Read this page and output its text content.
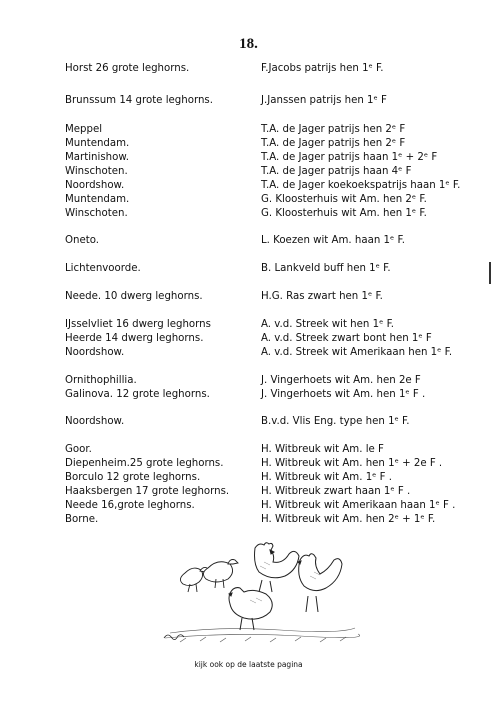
18.
Horst 26 grote leghorns.	F.Jacobs patrijs hen 1ᵉ F.
Brunssum 14 grote leghorns.	J.Janssen patrijs hen 1ᵉ F
Meppel	T.A. de Jager patrijs hen 2ᵉ F
Muntendam.	T.A. de Jager patrijs hen 2ᵉ F
Martinishow.	T.A. de Jager patrijs haan 1ᵉ + 2ᵉ F
Winschoten.	T.A. de Jager patrijs haan 4ᵉ F
Noordshow.	T.A. de Jager koekoekspatrijs haan 1ᵉ F.
Muntendam.	G. Kloosterhuis wit Am. hen 2ᵉ F.
Winschoten.	G. Kloosterhuis wit Am. hen 1ᵉ F.
Oneto.	L. Koezen wit Am. haan 1ᵉ F.
Lichtenvoorde.	B. Lankveld buff hen 1ᵉ F.
Neede. 10 dwerg leghorns.	H.G. Ras zwart hen 1ᵉ F.
IJsselvliet 16 dwerg leghorns	A. v.d. Streek wit hen 1ᵉ F.
Heerde 14 dwerg leghorns.	A. v.d. Streek zwart bont hen 1ᵉ F
Noordshow.	A. v.d. Streek wit Amerikaan hen 1ᵉ F.
Ornithophillia.	J. Vingerhoets wit Am. hen 2e F
Galinova. 12 grote leghorns.	J. Vingerhoets wit Am. hen 1ᵉ F .
Noordshow.	B.v.d. Vlis Eng. type hen 1ᵉ F.
Goor.	H. Witbreuk wit Am. le F
Diepenheim.25 grote leghorns.	H. Witbreuk wit Am. hen 1ᵉ + 2e F .
Borculo 12 grote leghorns.	H. Witbreuk wit Am. 1ᵉ F .
Haaksbergen 17 grote leghorns.	H. Witbreuk zwart haan 1ᵉ F .
Neede 16,grote leghorns.	H. Witbreuk wit Amerikaan haan 1ᵉ F .
Borne.	H. Witbreuk wit Am. hen 2ᵉ + 1ᵉ F.
kijk ook op de laatste pagina
